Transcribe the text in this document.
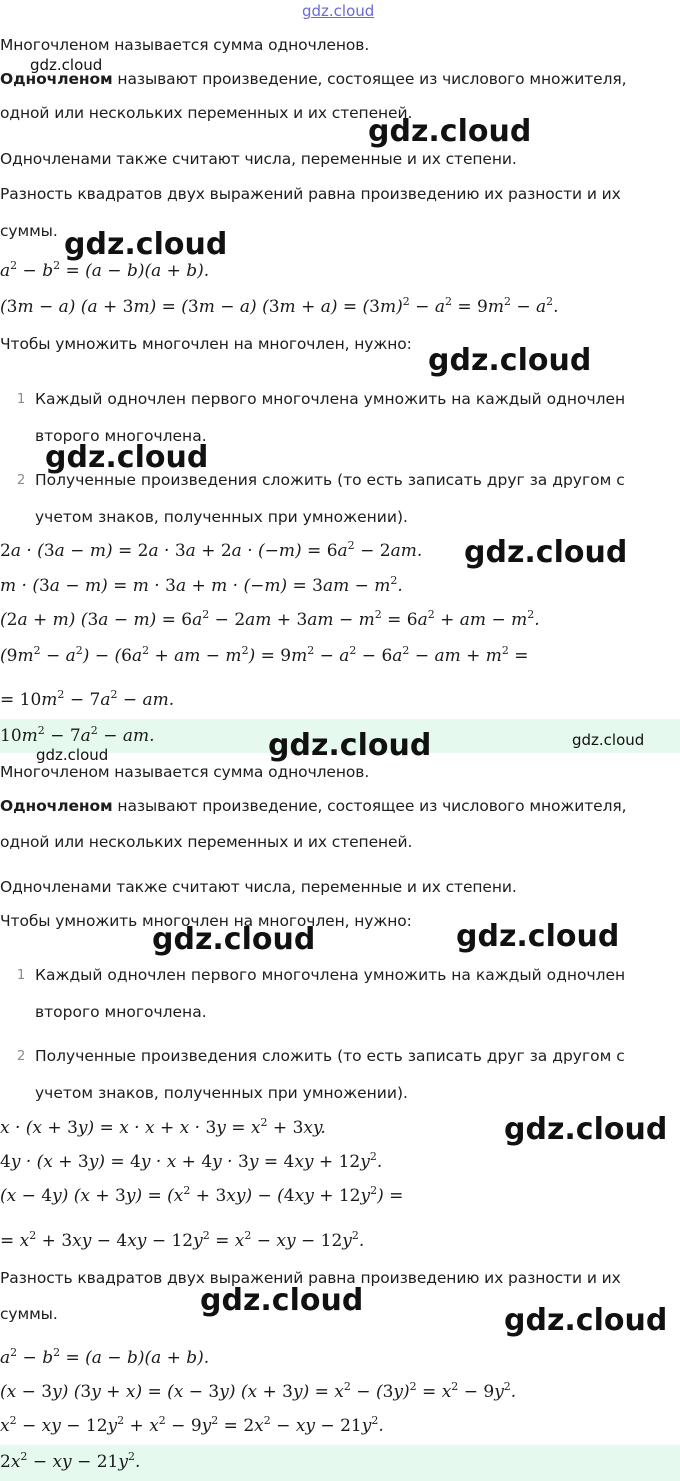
gdz.cloud
Многочленом называется сумма одночленов.
gdz.cloud
Одночленом называют произведение, состоящее из числового множителя,
одной или нескольких переменных и их степеней.
gdz.cloud
Одночленами также считают числа, переменные и их степени.
Разность квадратов двух выражений равна произведению их разности и их
суммы. gdz.cloud
$a^2 - b^2 = (a - b)(a + b)$.
(3m − a) (a + 3m) = (3m − a) $(3m + a) = (3m)^2 - a^2 = 9m^2 - a^2$.
Чтобы умножить многочлен на многочлен, нужно: gdz.cloud
1 Каждый одночлен первого многочлена умножить на каждый одночлен
второго многочлена.
gdz.cloud
2 Полученные произведения сложить (то есть записать друг за другом с
учетом знаков, полученных при умножении).
$2a \cdot (3a - m) = 2a \cdot 3a + 2a \cdot (-m) = 6a^2 - 2am$. gdz.cloud
$m \cdot (3a - m) = m \cdot 3a + m \cdot (-m) = 3am - m^2$.
(2a + m) $(3a - m) = 6a^2 - 2am + 3am - m^2 = 6a^2$ + am − $m^2$.
$(9m^2 - a^2) - (6a^2$ + am − $m^2) = 9m^2 - a^2 - 6a^2$ − am + $m^2$ =
= $10m^2 - 7a^2$ − am.
$10m^2 - 7a^2$ − am.	gdz.cloud
gdz.cloud
gdz.cloud
Многочленом называется сумма одночленов.
Одночленом называют произведение, состоящее из числового множителя,
одной или нескольких переменных и их степеней.
Одночленами также считают числа, переменные и их степени.
Чтобы умножить многочлен на многочлен, нужно:
gdz.cloud	gdz.cloud
1 Каждый одночлен первого многочлена умножить на каждый одночлен
второго многочлена.
2 Полученные произведения сложить (то есть записать друг за другом с
учетом знаков, полученных при умножении).
$x \cdot (x + 3y) = x \cdot x + x \cdot 3y = x^2 + 3xy$.	gdz.cloud
$4y \cdot (x + 3y) = 4y \cdot x + 4y \cdot 3y = 4xy + 12y^2$.
(x − 4y) $(x + 3y) = (x^2 + 3xy) - (4xy + 12y^2)$ =
= $x^2 + 3xy - 4xy - 12y^2 = x^2$ − xy − $12y^2$.
Разность квадратов двух выражений равна произведению их разности и их
суммы.	gdz.cloud
gdz.cloud
$a^2 - b^2 = (a - b)(a + b)$.
(x − 3y) (3y + x) = (x − 3y) $(x + 3y) = x^2 - (3y)^2 = x^2 - 9y^2$.
$x^2$ − xy − $12y^2 + x^2 - 9y^2 = 2x^2$ − xy − $21y^2$.
$2x^2$ − xy − $21y^2$.
